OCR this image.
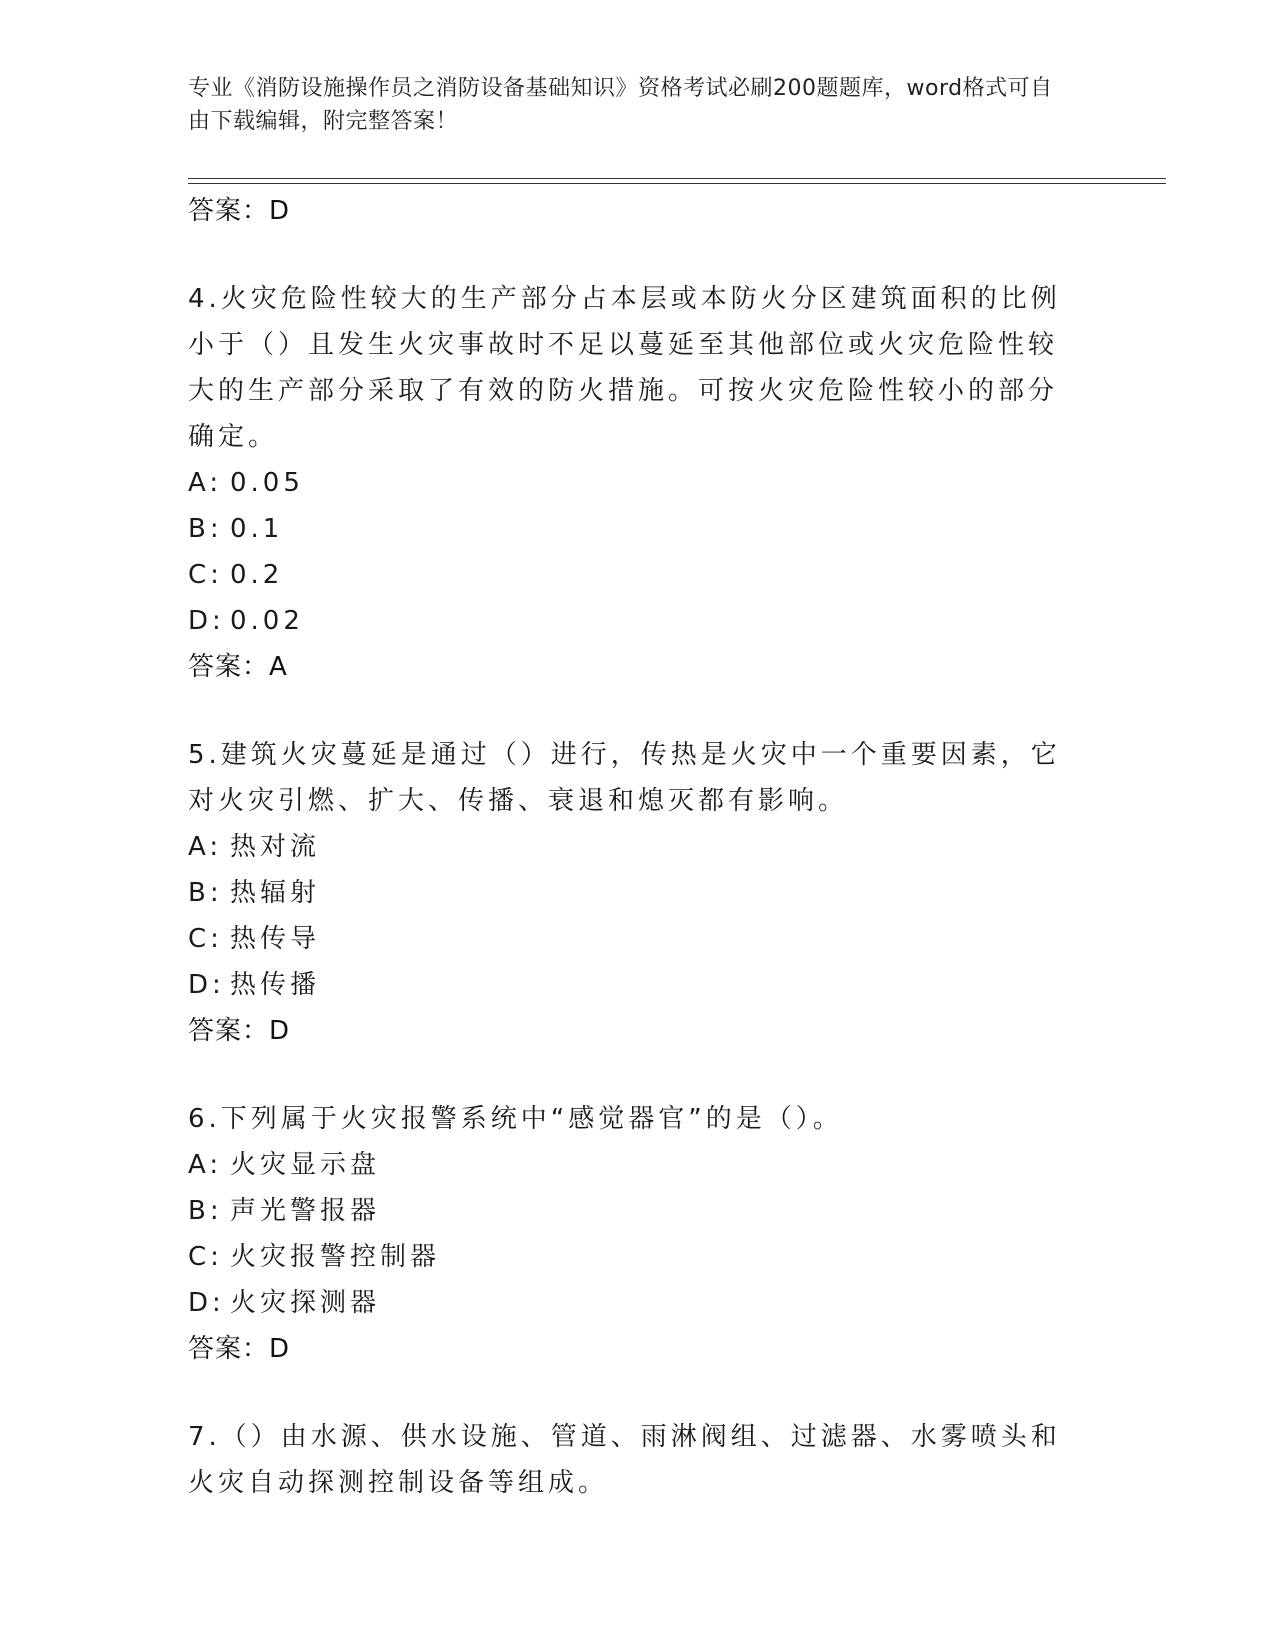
专业《消防设施操作员之消防设备基础知识》资格考试必刷200题题库，word格式可自由下载编辑，附完整答案！
答案：D
4.火灾危险性较大的生产部分占本层或本防火分区建筑面积的比例小于（）且发生火灾事故时不足以蔓延至其他部位或火灾危险性较大的生产部分采取了有效的防火措施。可按火灾危险性较小的部分确定。
A: 0.05
B: 0.1
C: 0.2
D: 0.02
答案：A
5.建筑火灾蔓延是通过（）进行，传热是火灾中一个重要因素，它对火灾引燃、扩大、传播、衰退和熄灭都有影响。
A: 热对流
B: 热辐射
C: 热传导
D: 热传播
答案：D
6.下列属于火灾报警系统中“感觉器官”的是（）。
A: 火灾显示盘
B: 声光警报器
C: 火灾报警控制器
D: 火灾探测器
答案：D
7.（）由水源、供水设施、管道、雨淋阀组、过滤器、水雾喷头和火灾自动探测控制设备等组成。
